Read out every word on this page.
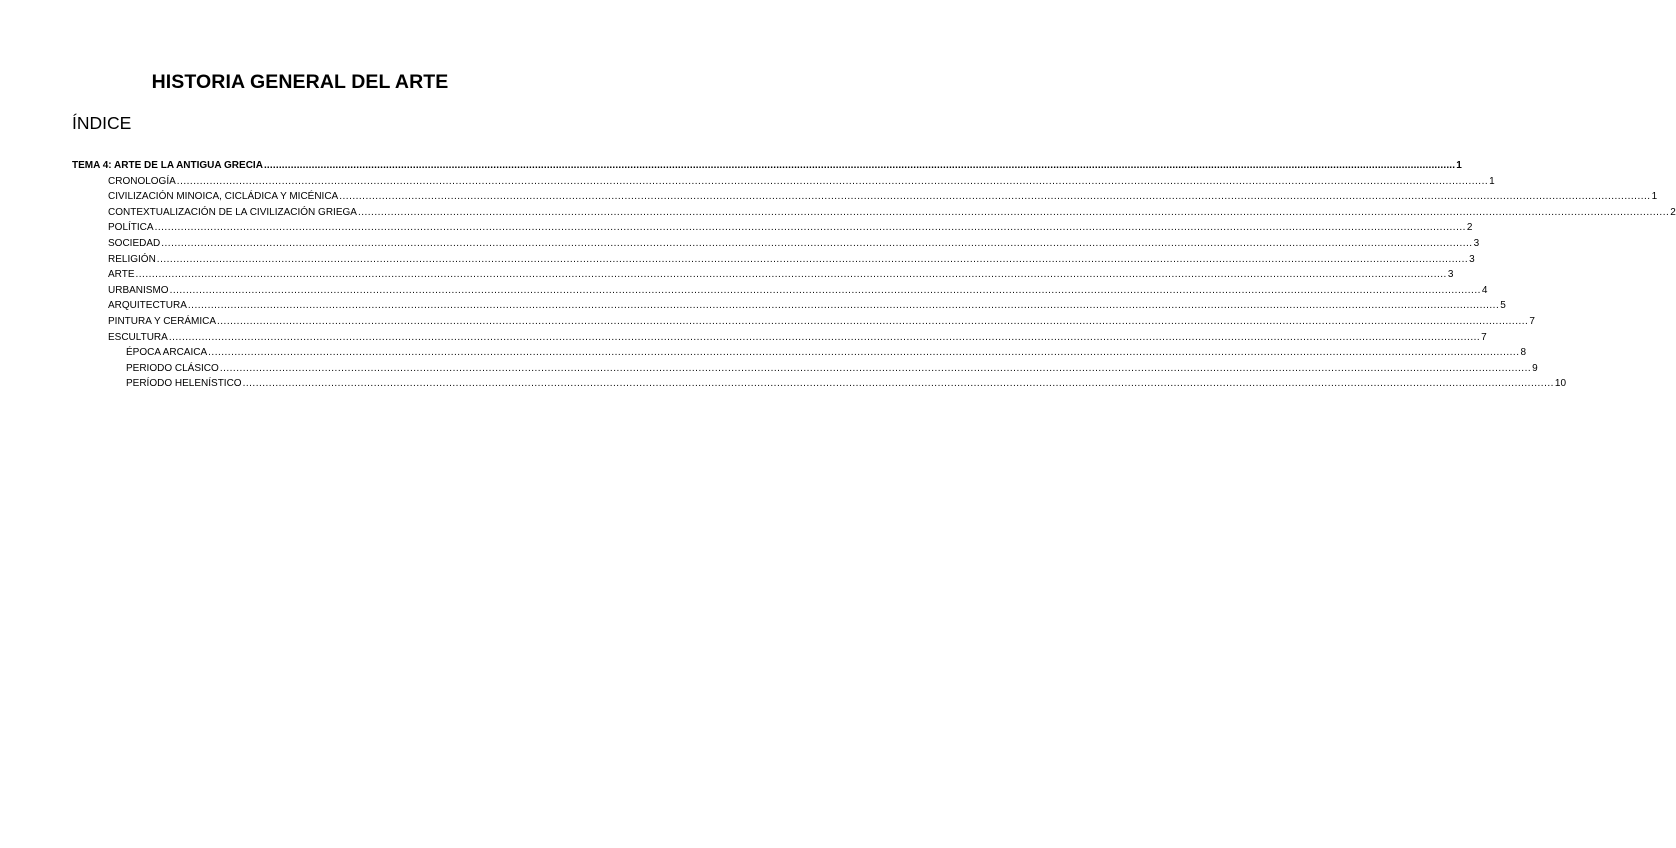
HISTORIA GENERAL DEL ARTE
ÍNDICE
TEMA 4: ARTE DE LA ANTIGUA GRECIA ................................................................................................................................................................................................................................................................................................................................................................................................................ 1
CRONOLOGÍA ................................................................................................................................................................................................................................................................................................................................................................................................................ 1
CIVILIZACIÓN MINOICA, CICLÁDICA Y MICÉNICA ................................................................................................................................................................................................................................................................................................................................................................................................................ 1
CONTEXTUALIZACIÓN DE LA CIVILIZACIÓN GRIEGA ................................................................................................................................................................................................................................................................................................................................................................................................................ 2
POLÍTICA ................................................................................................................................................................................................................................................................................................................................................................................................................ 2
SOCIEDAD ................................................................................................................................................................................................................................................................................................................................................................................................................ 3
RELIGIÓN ................................................................................................................................................................................................................................................................................................................................................................................................................ 3
ARTE ................................................................................................................................................................................................................................................................................................................................................................................................................ 3
URBANISMO ................................................................................................................................................................................................................................................................................................................................................................................................................ 4
ARQUITECTURA ................................................................................................................................................................................................................................................................................................................................................................................................................ 5
PINTURA Y CERÁMICA ................................................................................................................................................................................................................................................................................................................................................................................................................ 7
ESCULTURA ................................................................................................................................................................................................................................................................................................................................................................................................................ 7
ÉPOCA ARCAICA ................................................................................................................................................................................................................................................................................................................................................................................................................ 8
PERIODO CLÁSICO ................................................................................................................................................................................................................................................................................................................................................................................................................ 9
PERÍODO HELENÍSTICO ................................................................................................................................................................................................................................................................................................................................................................................................................ 10
